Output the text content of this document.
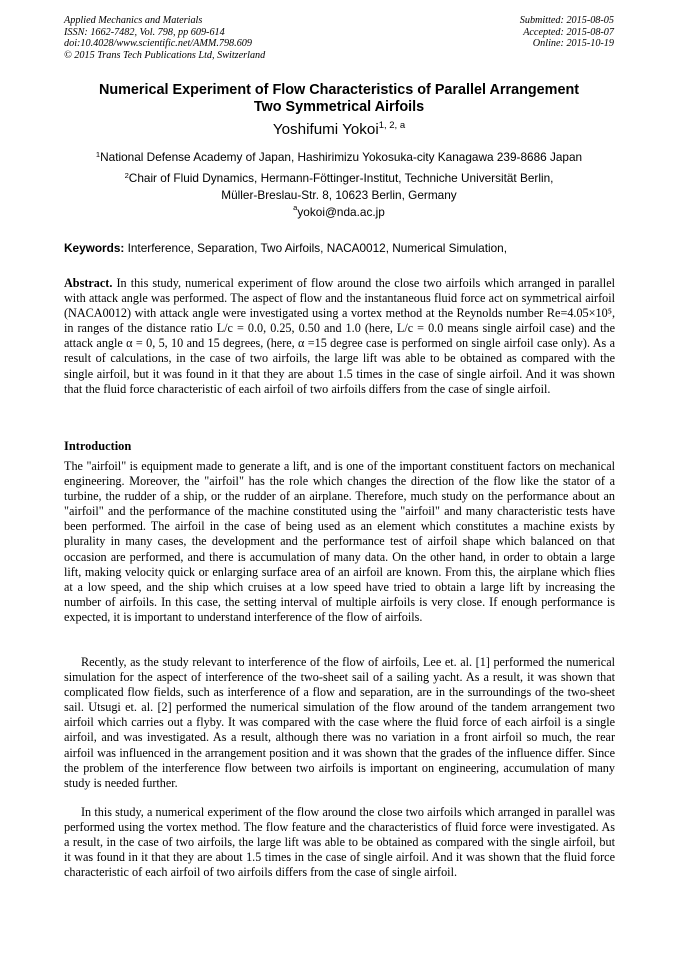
Applied Mechanics and Materials
ISSN: 1662-7482, Vol. 798, pp 609-614
doi:10.4028/www.scientific.net/AMM.798.609
© 2015 Trans Tech Publications Ltd, Switzerland
Submitted: 2015-08-05
Accepted: 2015-08-07
Online: 2015-10-19
Numerical Experiment of Flow Characteristics of Parallel Arrangement
Two Symmetrical Airfoils
Yoshifumi Yokoi$^{1, 2, a}$
$^1$National Defense Academy of Japan, Hashirimizu Yokosuka-city Kanagawa 239-8686 Japan
$^2$Chair of Fluid Dynamics, Hermann-Föttinger-Institut, Techniche Universität Berlin,
Müller-Breslau-Str. 8, 10623 Berlin, Germany
$^a$yokoi@nda.ac.jp
Keywords: Interference, Separation, Two Airfoils, NACA0012, Numerical Simulation,
Abstract. In this study, numerical experiment of flow around the close two airfoils which arranged in parallel with attack angle was performed. The aspect of flow and the instantaneous fluid force act on symmetrical airfoil (NACA0012) with attack angle were investigated using a vortex method at the Reynolds number Re=4.05×10⁵, in ranges of the distance ratio L/c = 0.0, 0.25, 0.50 and 1.0 (here, L/c = 0.0 means single airfoil case) and the attack angle α = 0, 5, 10 and 15 degrees, (here, α =15 degree case is performed on single airfoil case only). As a result of calculations, in the case of two airfoils, the large lift was able to be obtained as compared with the single airfoil, but it was found in it that they are about 1.5 times in the case of single airfoil. And it was shown that the fluid force characteristic of each airfoil of two airfoils differs from the case of single airfoil.
Introduction
The "airfoil" is equipment made to generate a lift, and is one of the important constituent factors on mechanical engineering. Moreover, the "airfoil" has the role which changes the direction of the flow like the stator of a turbine, the rudder of a ship, or the rudder of an airplane. Therefore, much study on the performance about an "airfoil" and the performance of the machine constituted using the "airfoil" and many characteristic tests have been performed. The airfoil in the case of being used as an element which constitutes a machine exists by plurality in many cases, the development and the performance test of airfoil shape which balanced on that occasion are performed, and there is accumulation of many data. On the other hand, in order to obtain a large lift, making velocity quick or enlarging surface area of an airfoil are known. From this, the airplane which flies at a low speed, and the ship which cruises at a low speed have tried to obtain a large lift by increasing the number of airfoils. In this case, the setting interval of multiple airfoils is very close. If enough performance is expected, it is important to understand interference of the flow of airfoils.
Recently, as the study relevant to interference of the flow of airfoils, Lee et. al. [1] performed the numerical simulation for the aspect of interference of the two-sheet sail of a sailing yacht. As a result, it was shown that complicated flow fields, such as interference of a flow and separation, are in the surroundings of the two-sheet sail. Utsugi et. al. [2] performed the numerical simulation of the flow around of the tandem arrangement two airfoil which carries out a flyby. It was compared with the case where the fluid force of each airfoil is a single airfoil, and was investigated. As a result, although there was no variation in a front airfoil so much, the rear airfoil was influenced in the arrangement position and it was shown that the grades of the influence differ. Since the problem of the interference flow between two airfoils is important on engineering, accumulation of many study is needed further.
In this study, a numerical experiment of the flow around the close two airfoils which arranged in parallel was performed using the vortex method. The flow feature and the characteristics of fluid force were investigated. As a result, in the case of two airfoils, the large lift was able to be obtained as compared with the single airfoil, but it was found in it that they are about 1.5 times in the case of single airfoil. And it was shown that the fluid force characteristic of each airfoil of two airfoils differs from the case of single airfoil.
